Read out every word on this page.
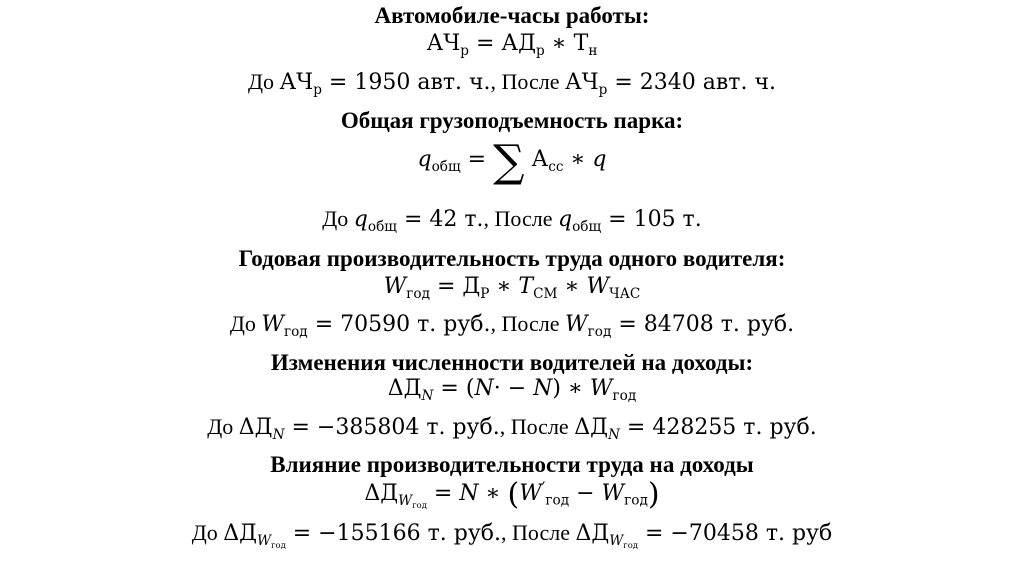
Автомобиле-часы работы:
$АЧ_р = АД_р$ ∗ $Т_н$
До $АЧ_р = 1950$ авт. ч., После $АЧ_р = 2340$ авт. ч.
Общая грузоподъемность парка:
$q_{общ}$ = ∑ $А_{сс}$ ∗ q
До $q_{общ} = 42$ т., После $q_{общ} = 105$ т.
Годовая производительность труда одного водителя:
$W_{год} = Д_Р$ ∗ $T_{СМ}$ ∗ $W_{ЧАС}$
До $W_{год} = 70590$ т. руб., После $W_{год} = 84708$ т. руб.
Изменения численности водителей на доходы:
$\Delta Д_N = (N\cdot - N)$ ∗ $W_{год}$
До $\Delta Д_N = -385804$ т. руб., После $\Delta Д_N = 428255$ т. руб.
Влияние производительности труда на доходы
$\Delta Д_{W_{год}} = N$ ∗ $(W'_{год} - W_{год})$
До $\Delta Д_{W_{год}} = -155166$ т. руб., После $\Delta Д_{W_{год}} = -70458$ т. руб
